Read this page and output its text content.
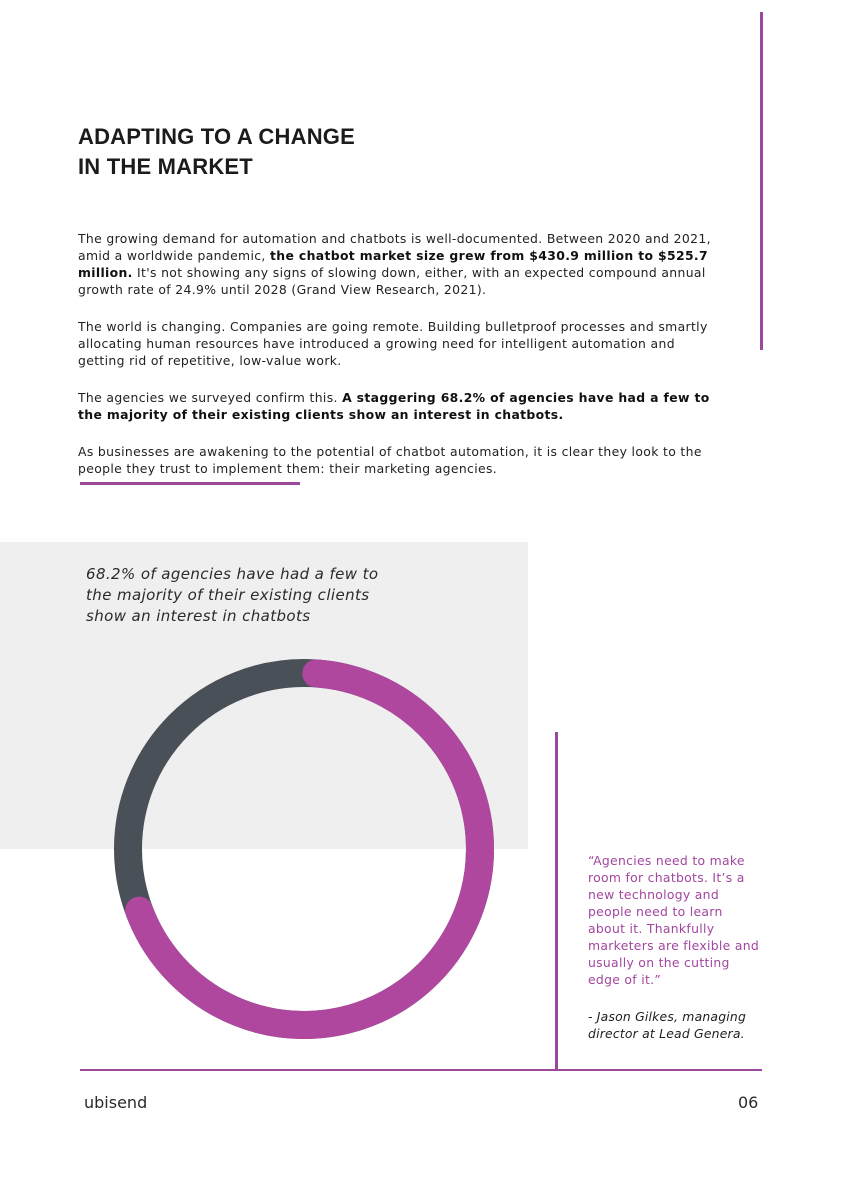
ADAPTING TO A CHANGE
IN THE MARKET

The growing demand for automation and chatbots is well-documented. Between 2020 and 2021, amid a worldwide pandemic, the chatbot market size grew from $430.9 million to $525.7 million. It's not showing any signs of slowing down, either, with an expected compound annual growth rate of 24.9% until 2028 (Grand View Research, 2021).

The world is changing. Companies are going remote. Building bulletproof processes and smartly allocating human resources have introduced a growing need for intelligent automation and getting rid of repetitive, low-value work.

The agencies we surveyed confirm this. A staggering 68.2% of agencies have had a few to the majority of their existing clients show an interest in chatbots.

As businesses are awakening to the potential of chatbot automation, it is clear they look to the people they trust to implement them: their marketing agencies.

68.2% of agencies have had a few to
the majority of their existing clients
show an interest in chatbots

“Agencies need to make
room for chatbots. It’s a
new technology and
people need to learn
about it. Thankfully
marketers are flexible and
usually on the cutting
edge of it.”

- Jason Gilkes, managing
director at Lead Genera.

ubisend	06
